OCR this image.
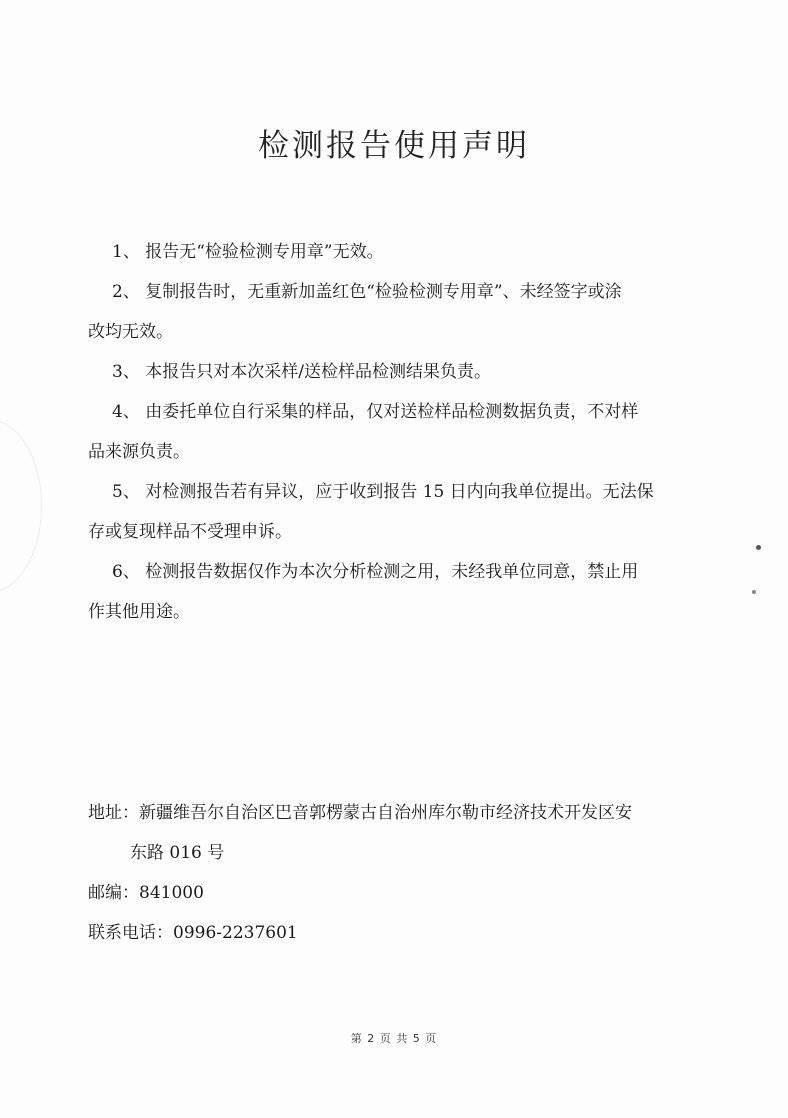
检测报告使用声明

1、 报告无“检验检测专用章”无效。

2、 复制报告时，无重新加盖红色“检验检测专用章”、未经签字或涂
改均无效。

3、 本报告只对本次采样/送检样品检测结果负责。

4、 由委托单位自行采集的样品，仅对送检样品检测数据负责，不对样
品来源负责。

5、 对检测报告若有异议，应于收到报告 15 日内向我单位提出。无法保
存或复现样品不受理申诉。

6、 检测报告数据仅作为本次分析检测之用，未经我单位同意，禁止用
作其他用途。

地址：新疆维吾尔自治区巴音郭楞蒙古自治州库尔勒市经济技术开发区安
东路 016 号
邮编：841000
联系电话：0996-2237601
第 2 页 共 5 页
